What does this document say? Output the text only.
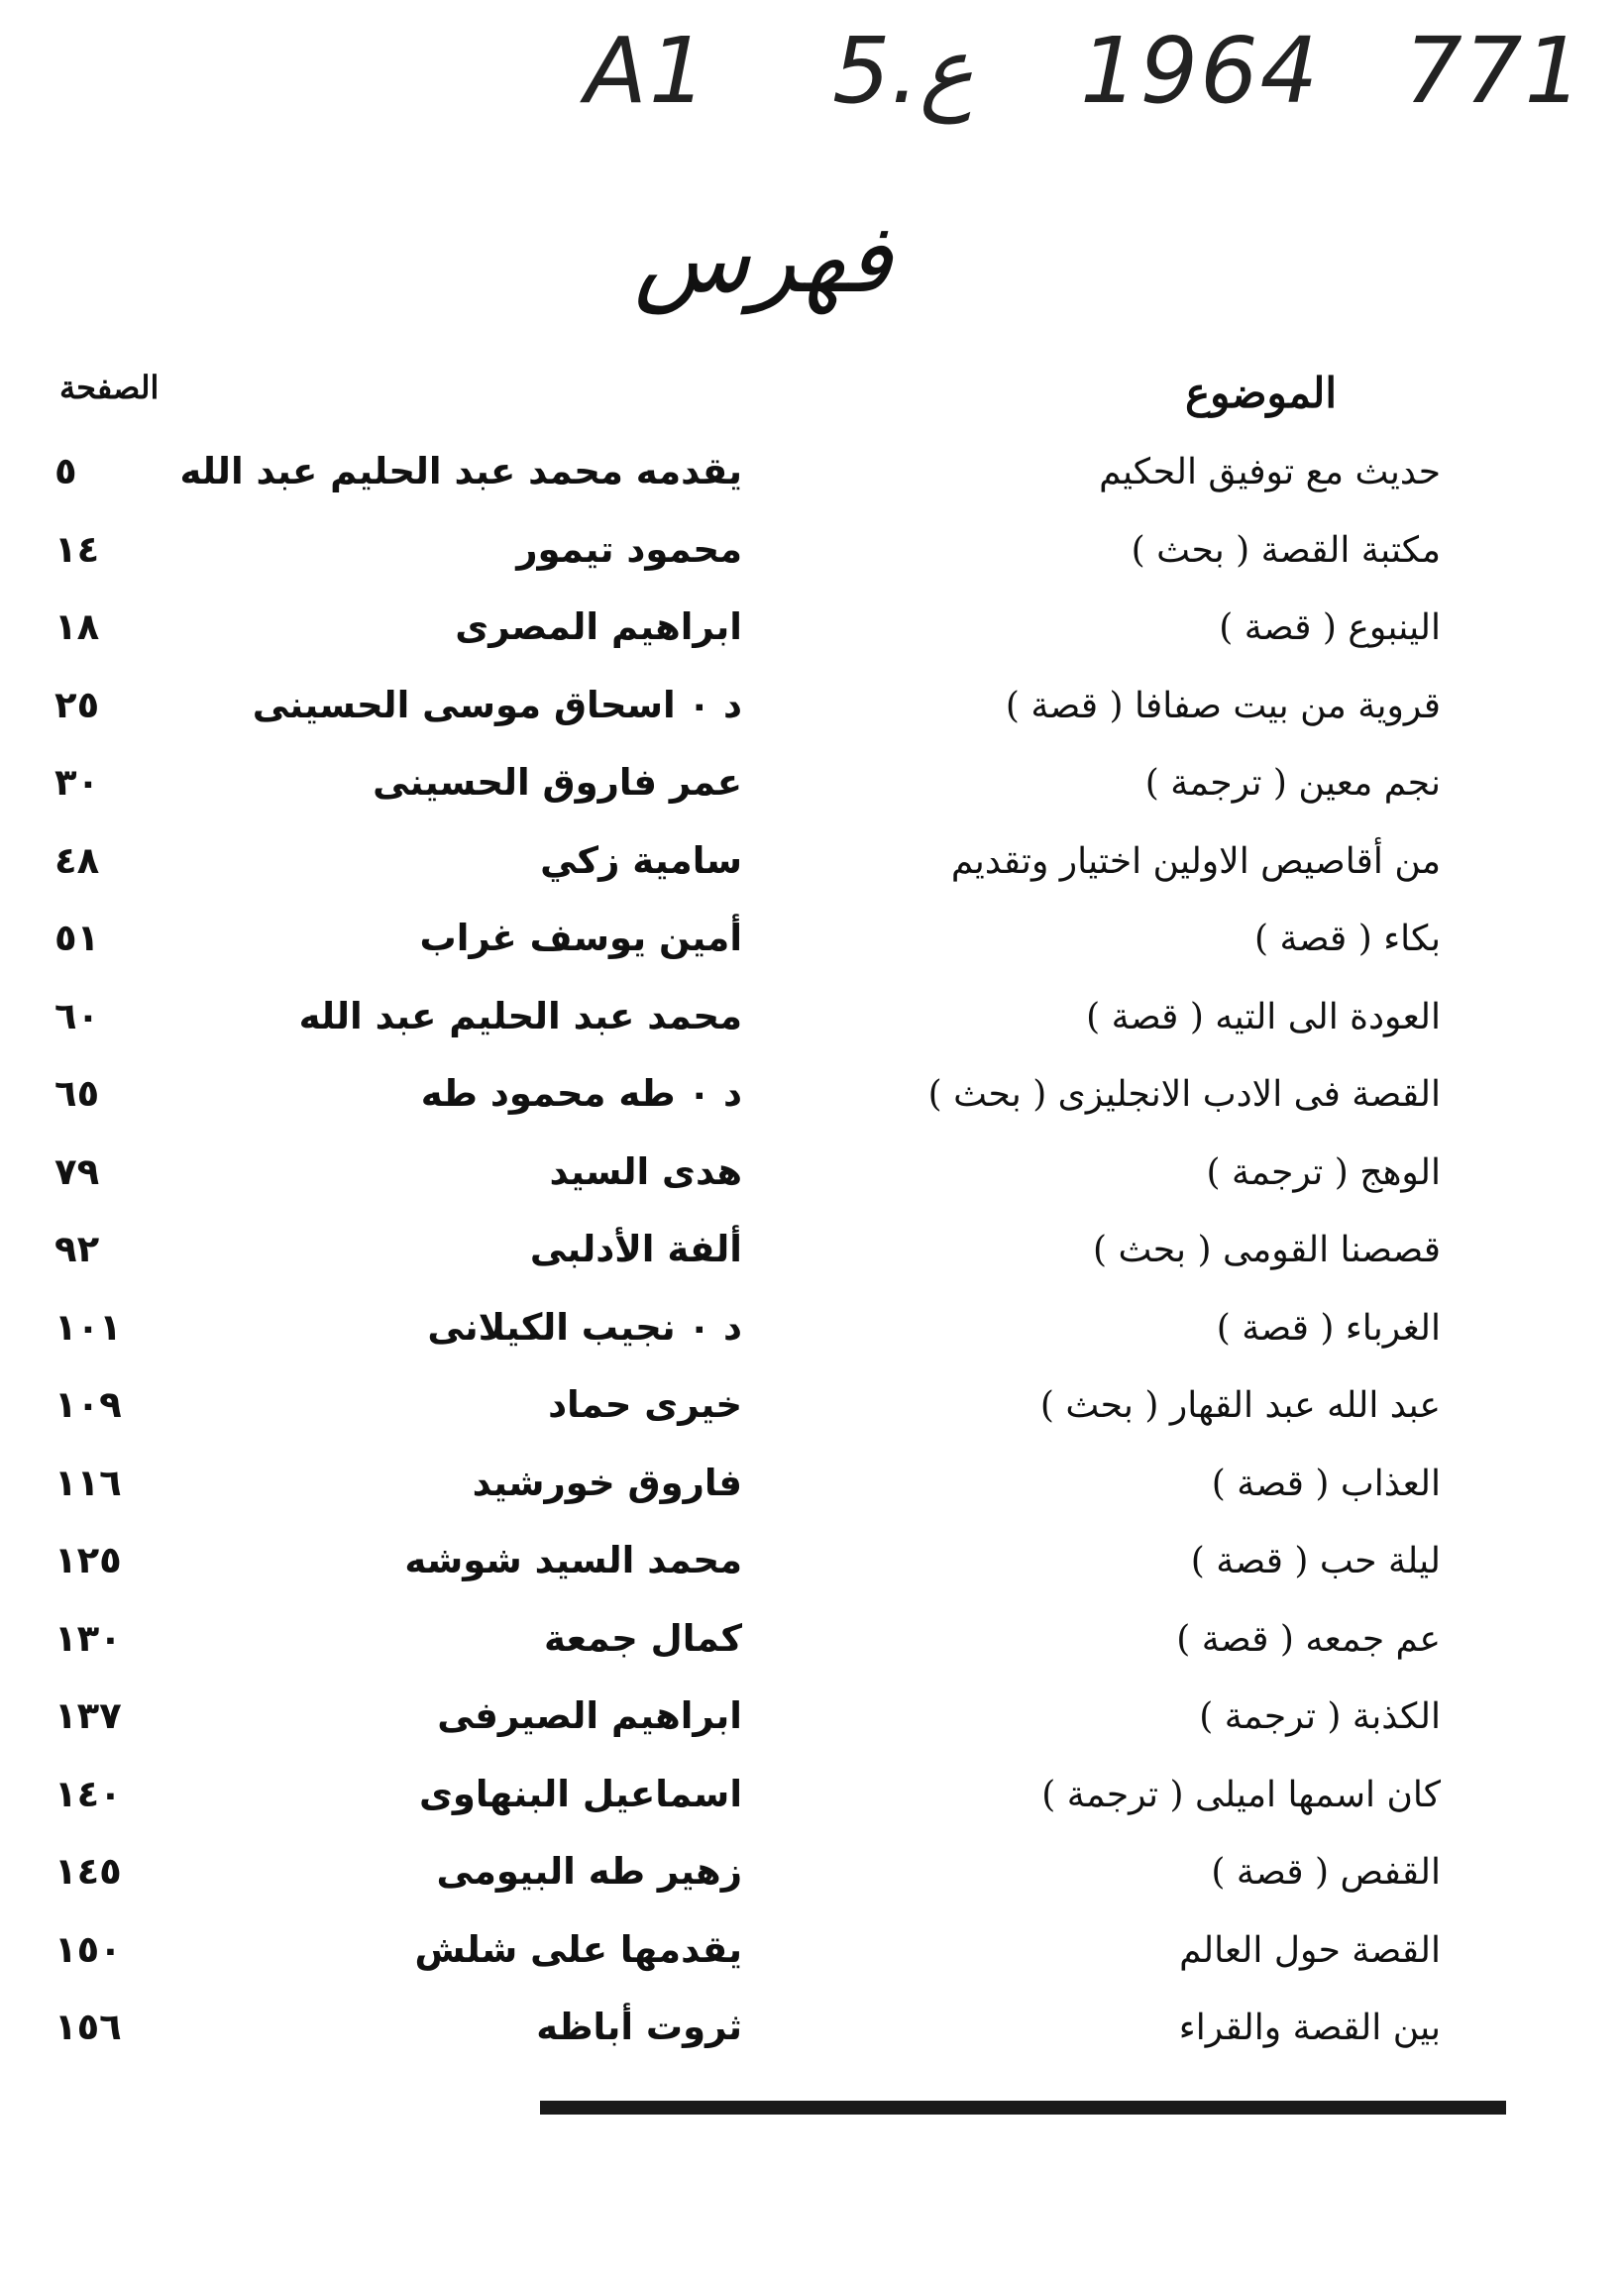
A1 5.ع 1964 771
فهرس
الموضوع
الصفحة
حديث مع توفيق الحكيم
يقدمه محمد عبد الحليم عبد الله
٥
مكتبة القصة ( بحث )
محمود تيمور
١٤
الينبوع ( قصة )
ابراهيم المصرى
١٨
قروية من بيت صفافا ( قصة )
د ٠ اسحاق موسى الحسينى
٢٥
نجم معين ( ترجمة )
عمر فاروق الحسينى
٣٠
من أقاصيص الاولين اختيار وتقديم
سامية زكي
٤٨
بكاء ( قصة )
أمين يوسف غراب
٥١
العودة الى التيه ( قصة )
محمد عبد الحليم عبد الله
٦٠
القصة فى الادب الانجليزى ( بحث )
د ٠ طه محمود طه
٦٥
الوهج ( ترجمة )
هدى السيد
٧٩
قصصنا القومى ( بحث )
ألفة الأدلبى
٩٢
الغرباء ( قصة )
د ٠ نجيب الكيلانى
١٠١
عبد الله عبد القهار ( بحث )
خيرى حماد
١٠٩
العذاب ( قصة )
فاروق خورشيد
١١٦
ليلة حب ( قصة )
محمد السيد شوشه
١٢٥
عم جمعه ( قصة )
كمال جمعة
١٣٠
الكذبة ( ترجمة )
ابراهيم الصيرفى
١٣٧
كان اسمها اميلى ( ترجمة )
اسماعيل البنهاوى
١٤٠
القفص ( قصة )
زهير طه البيومى
١٤٥
القصة حول العالم
يقدمها على شلش
١٥٠
بين القصة والقراء
ثروت أباظه
١٥٦
